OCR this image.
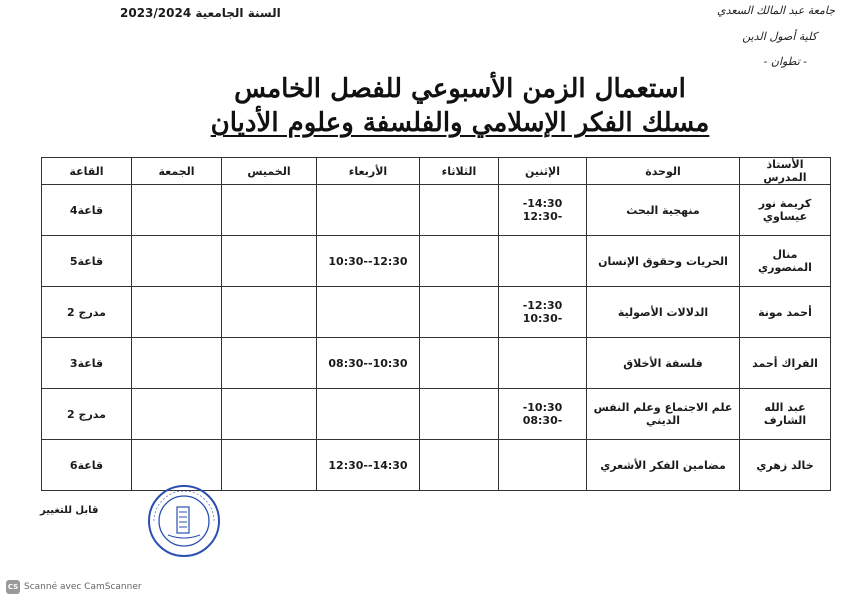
السنة الجامعية 2023/2024	جامعة عبد المالك السعدي
كلية أصول الدين
- تطوان -
استعمال الزمن الأسبوعي للفصل الخامس
مسلك الفكر الإسلامي والفلسفة وعلوم الأديان
الأستاذ المدرس	الوحدة	الإثنين	الثلاثاء	الأربعاء	الخميس	الجمعة	القاعة
كريمة نور عيساوي	منهجية البحث	14:30--12:30					قاعة4
منال المنصوري	الحريات وحقوق الإنسان			12:30--10:30			قاعة5
أحمد مونة	الدلالات الأصولية	12:30--10:30					مدرج 2
الفراك أحمد	فلسفة الأخلاق			10:30--08:30			قاعة3
عبد الله الشارف	علم الاجتماع وعلم النفس الديني	10:30--08:30					مدرج 2
خالد زهري	مضامين الفكر الأشعري			14:30--12:30			قاعة6
قابل للتغيير
CS Scanné avec CamScanner
